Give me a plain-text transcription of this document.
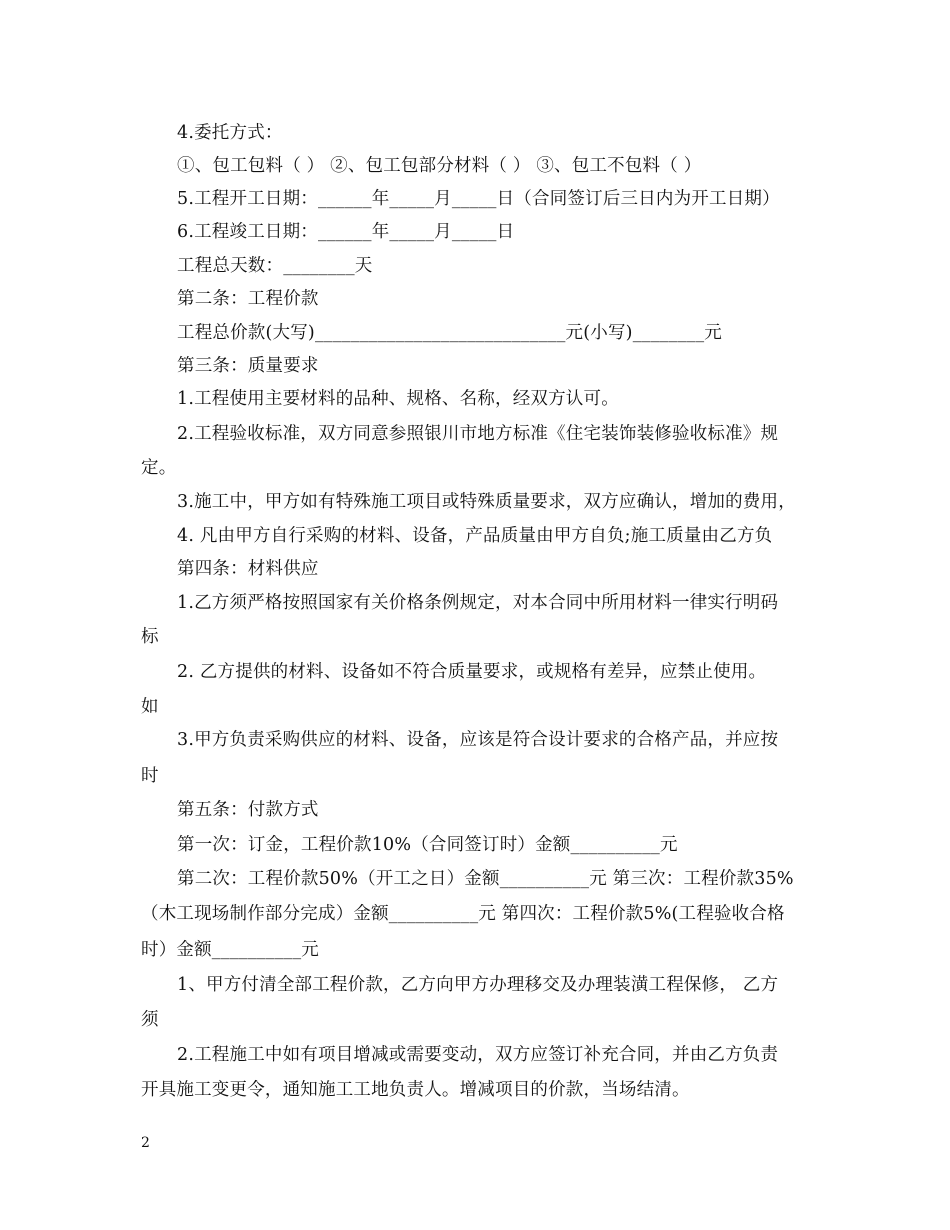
4.委托方式：
①、包工包料（ ） ②、包工包部分材料（ ） ③、包工不包料（ ）
5.工程开工日期：______年_____月_____日（合同签订后三日内为开工日期）
6.工程竣工日期：______年_____月_____日
工程总天数：________天
第二条：工程价款
工程总价款(大写)____________________________元(小写)________元
第三条：质量要求
1.工程使用主要材料的品种、规格、名称，经双方认可。
2.工程验收标准，双方同意参照银川市地方标准《住宅装饰装修验收标准》规
定。
3.施工中，甲方如有特殊施工项目或特殊质量要求，双方应确认，增加的费用，
4. 凡由甲方自行采购的材料、设备，产品质量由甲方自负;施工质量由乙方负
第四条：材料供应
1.乙方须严格按照国家有关价格条例规定，对本合同中所用材料一律实行明码
标
2. 乙方提供的材料、设备如不符合质量要求，或规格有差异，应禁止使用。
如
3.甲方负责采购供应的材料、设备，应该是符合设计要求的合格产品，并应按
时
第五条：付款方式
第一次：订金，工程价款10%（合同签订时）金额__________元
第二次：工程价款50%（开工之日）金额__________元 第三次：工程价款35%
（木工现场制作部分完成）金额__________元 第四次：工程价款5%(工程验收合格
时）金额__________元
1、甲方付清全部工程价款，乙方向甲方办理移交及办理装潢工程保修， 乙方
须
2.工程施工中如有项目增减或需要变动，双方应签订补充合同，并由乙方负责
开具施工变更令，通知施工工地负责人。增减项目的价款，当场结清。
2
